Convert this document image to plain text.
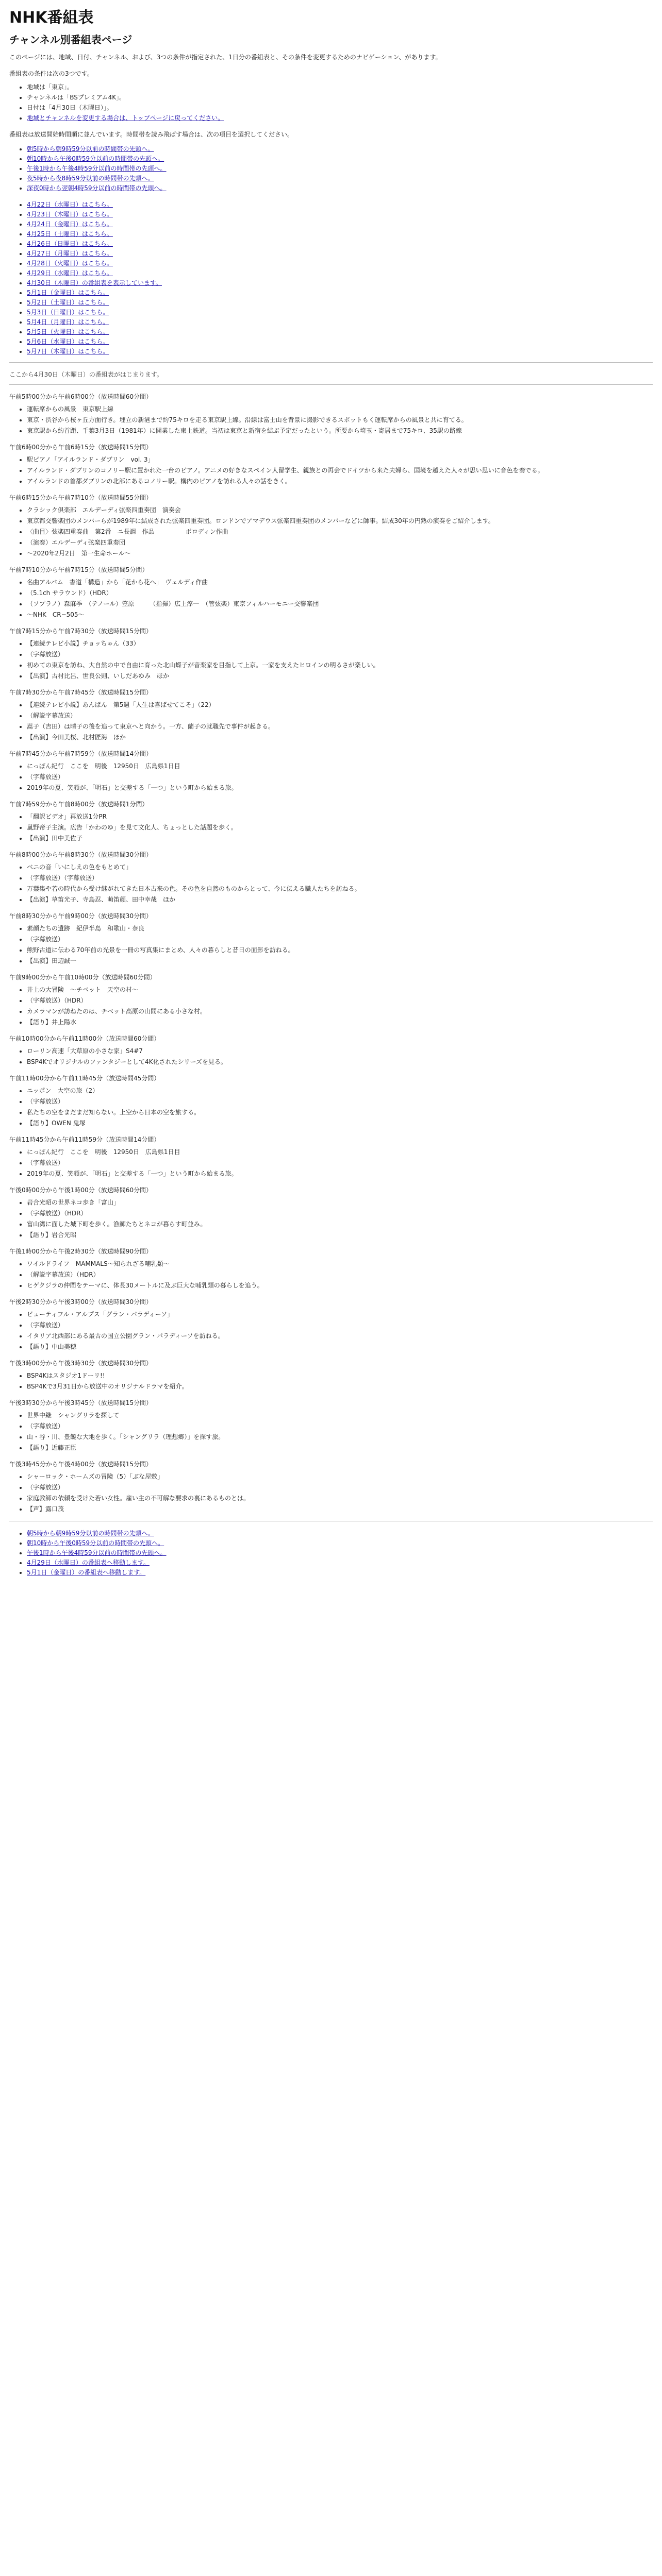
NHK番組表
チャンネル別番組表ページ

このページには、地域、日付、チャンネル、および、3つの条件が指定された、1日分の番組表と、その条件を変更するためのナビゲーション、があります。

番組表の条件は次の3つです。

• 地域は「東京」。
• チャンネルは「BSプレミアム4K」。
• 日付は「4月30日（木曜日）」。
• 地域とチャンネルを変更する場合は、トップページに戻ってください。

番組表は放送開始時間順に並んでいます。時間帯を読み飛ばす場合は、次の項目を選択してください。

• 朝5時から朝9時59分以前の時間帯の先頭へ。
• 朝10時から午後0時59分以前の時間帯の先頭へ。
• 午後1時から午後4時59分以前の時間帯の先頭へ。
• 夜5時から夜8時59分以前の時間帯の先頭へ。
• 深夜0時から翌朝4時59分以前の時間帯の先頭へ。
• 4月22日（水曜日）はこちら。
• 4月23日（木曜日）はこちら。
• 4月24日（金曜日）はこちら。
• 4月25日（土曜日）はこちら。
• 4月26日（日曜日）はこちら。
• 4月27日（月曜日）はこちら。
• 4月28日（火曜日）はこちら。
• 4月29日（水曜日）はこちら。
• 4月30日（木曜日）の番組表を表示しています。
• 5月1日（金曜日）はこちら。
• 5月2日（土曜日）はこちら。
• 5月3日（日曜日）はこちら。
• 5月4日（月曜日）はこちら。
• 5月5日（火曜日）はこちら。
• 5月6日（水曜日）はこちら。
• 5月7日（木曜日）はこちら。

ここから4月30日（木曜日）の番組表がはじまります。

午前5時00分から午前6時00分（放送時間60分間）
• 運転席からの風景　東京駅上線
• 東京・渋谷から桜ヶ丘方面行き。埋立の新港まで約75キロを走る東京駅上線。沿線は富士山を背景に撮影できるスポットもく運転席からの風景と共に育てる。
• 東京駅から約首距、千葉3月3日（1981年）に開業した東上鉄道。当初は東京と新宿を結ぶ予定だったという。所要から埼玉・寄居まで75キロ、35駅の路線
午前6時00分から午前6時15分（放送時間15分間）
• 駅ピアノ「アイルランド・ダブリン　vol. 3」
• アイルランド・ダブリンのコノリー駅に置かれた一台のピアノ。アニメの好きなスペイン人留学生、親族との再会でドイツから来た夫婦ら、国境を越えた人々が思い思いに音色を奏でる。
• アイルランドの首都ダブリンの北部にあるコノリー駅。構内のピアノを訪れる人々の話をきく。
午前6時15分から午前7時10分（放送時間55分間）
• クラシック倶楽部　エルデーディ弦楽四重奏団　演奏会
• 東京都交響楽団のメンバーらが1989年に結成された弦楽四重奏団。ロンドンでアマデウス弦楽四重奏団のメンバーなどに師事。結成30年の円熟の演奏をご紹介します。
• 〈曲目〉弦楽四重奏曲　第2番　ニ長調　作品　　　　　ボロディン作曲
• （演奏）エルデーディ弦楽四重奏団
• 〜2020年2月2日　第一生命ホール〜
午前7時10分から午前7時15分（放送時間5分間）
• 名曲アルバム　書道「構造」から「花から花へ」　ヴェルディ作曲
• （5.1ch サラウンド）（HDR）
• （ソプラノ）森麻季　（テノール）笠原　　　（指揮）広上淳一　（管弦楽）東京フィルハーモニー交響楽団
• 〜NHK　CR−505〜
午前7時15分から午前7時30分（放送時間15分間）
• 【連続テレビ小説】チョッちゃん（33）
• （字幕放送）
• 初めての東京を訪ね、大自然の中で自由に育った北山蝶子が音楽家を目指して上京。一家を支えたヒロインの明るさが楽しい。
• 【出演】古村比呂、世良公則、いしだあゆみ　ほか
午前7時30分から午前7時45分（放送時間15分間）
• 【連続テレビ小説】あんぱん　第5週「人生は喜ばせてこそ」（22）
• （解説字幕放送）
• 嵩子（吉田）は晴子の後を追って東京へと向かう。一方、蘭子の就職先で事件が起きる。
• 【出演】今田美桜、北村匠海　ほか
午前7時45分から午前7時59分（放送時間14分間）
• にっぽん紀行　ここを　明後　12950日　広島県1日目
• （字幕放送）
• 2019年の夏、笑顔が、「明石」と交差する「一つ」という町から始まる旅。
午前7時59分から午前8時00分（放送時間1分間）
• 「翻訳ビデオ」再放送1分PR
• 嵐野帝子主演。広告「かわのゆ」を見て文化人、ちょっとした話題を歩く。
• 【出演】田中美佐子
午前8時00分から午前8時30分（放送時間30分間）
• ベニの音「いにしえの色をもとめて」
• （字幕放送）（字幕放送）
• 万葉集や若の時代から受け継がれてきた日本古来の色。その色を自然のものからとって、今に伝える職人たちを訪ねる。
• 【出演】草笛光子、寺島忍、萌笛顔、田中幸哉　ほか
午前8時30分から午前9時00分（放送時間30分間）
• 素顔たちの遺跡　紀伊半島　和歌山・奈良
• （字幕放送）
• 熊野古道に伝わる70年前の光景を一冊の写真集にまとめ、人々の暮らしと昔日の面影を訪ねる。
• 【出演】田辺誠一
午前9時00分から午前10時00分（放送時間60分間）
• 井上の大冒険　〜チベット　天空の村〜
• （字幕放送）（HDR）
• カメラマンが訪ねたのは、チベット高原の山間にある小さな村。
• 【語り】井上陽水
午前10時00分から午前11時00分（放送時間60分間）
• ローリン高速「大草原の小さな家」S4#7
• BSP4Kでオリジナルのファンタジーとして4K化されたシリーズを見る。
午前11時00分から午前11時45分（放送時間45分間）
• ニッポン　大空の旅（2）
• （字幕放送）
• 私たちの空をまだまだ知らない。上空から日本の空を旅する。
• 【語り】OWEN 鬼塚
午前11時45分から午前11時59分（放送時間14分間）
• にっぽん紀行　ここを　明後　12950日　広島県1日目
• （字幕放送）
• 2019年の夏、笑顔が、「明石」と交差する「一つ」という町から始まる旅。
午後0時00分から午後1時00分（放送時間60分間）
• 岩合光昭の世界ネコ歩き「富山」
• （字幕放送）（HDR）
• 富山湾に面した城下町を歩く。漁師たちとネコが暮らす町並み。
• 【語り】岩合光昭
午後1時00分から午後2時30分（放送時間90分間）
• ワイルドライフ　MAMMALS〜知られざる哺乳類〜
• （解説字幕放送）（HDR）
• ヒゲクジラの仲間をテーマに、体長30メートルに及ぶ巨大な哺乳類の暮らしを追う。
午後2時30分から午後3時00分（放送時間30分間）
• ビューティフル・アルプス「グラン・パラディーソ」
• （字幕放送）
• イタリア北西部にある最古の国立公園グラン・パラディーソを訪ねる。
• 【語り】中山美穂
午後3時00分から午後3時30分（放送時間30分間）
• BSP4Kはスタジオ1ドーリ!!
• BSP4Kで3月31日から放送中のオリジナルドラマを紹介。
午後3時30分から午後3時45分（放送時間15分間）
• 世界中継　シャングリラを探して
• （字幕放送）
• 山・谷・川、豊饒な大地を歩く。「シャングリラ（理想郷）」を探す旅。
• 【語り】近藤正臣
午後3時45分から午後4時00分（放送時間15分間）
• シャーロック・ホームズの冒険（5）「ぶな屋敷」
• （字幕放送）
• 家庭教師の依頼を受けた若い女性。雇い主の不可解な要求の裏にあるものとは。
• 【声】露口茂
• 朝5時から朝9時59分以前の時間帯の先頭へ。
• 朝10時から午後0時59分以前の時間帯の先頭へ。
• 午後1時から午後4時59分以前の時間帯の先頭へ。
• 4月29日（水曜日）の番組表へ移動します。
• 5月1日（金曜日）の番組表へ移動します。
